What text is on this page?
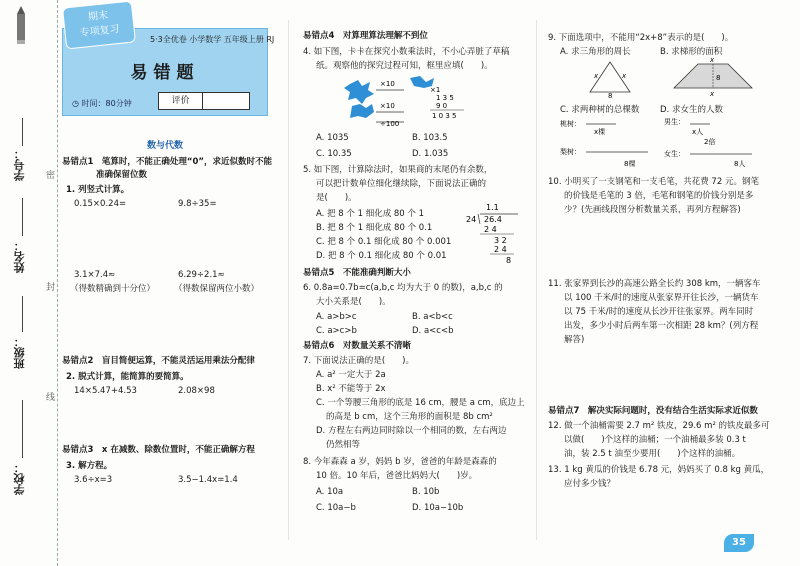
学号：
姓名：
班级：
学校：
密
封
线
期末
专项复习
5·3全优卷 小学数学 五年级上册 RJ
易错题
◷ 时间：80分钟	评价
数与代数
易错点1　笔算时，不能正确处理“0”，求近似数时不能
　　　　准确保留位数
1. 列竖式计算。
0.15×0.24=	9.8÷35=
3.1×7.4≈	6.29÷2.1≈
（得数精确到十分位） （得数保留两位小数）
易错点2　盲目简便运算，不能灵活运用乘法分配律
2. 脱式计算，能简算的要简算。
14×5.47+4.53	2.08×98
易错点3　x 在减数、除数位置时，不能正确解方程
3. 解方程。
3.6÷x=3	3.5−1.4x=1.4
易错点4　对算理算法理解不到位
4. 如下图，卡卡在探究小数乘法时，不小心弄脏了草稿
纸。观察他的探究过程可知，框里应填(　　)。
×10
×10
×1
1 3 5
9 0
1 0 3 5
÷100
A. 1035	B. 103.5
C. 10.35	D. 1.035
5. 如下图，计算除法时，如果商的末尾仍有余数，
可以把计数单位细化继续除，下面说法正确的
是(　　)。
A. 把 8 个 1 细化成 80 个 1
B. 把 8 个 1 细化成 80 个 0.1
C. 把 8 个 0.1 细化成 80 个 0.001
D. 把 8 个 0.1 细化成 80 个 0.01
1.1
24 26.4
2 4
3 2
2 4
8
易错点5　不能准确判断大小
6. 0.8a=0.7b=c(a,b,c 均为大于 0 的数)，a,b,c 的
大小关系是(　　)。
A. a>b>c	B. a<b<c
C. a>c>b	D. a<c<b
易错点6　对数量关系不清晰
7. 下面说法正确的是(　　)。
A. a² 一定大于 2a
B. x² 不能等于 2x
C. 一个等腰三角形的底是 16 cm，腰是 a cm，底边上
的高是 b cm，这个三角形的面积是 8b cm²
D. 方程左右两边同时除以一个相同的数，左右两边
仍然相等
8. 今年森森 a 岁，妈妈 b 岁，爸爸的年龄是森森的
10 倍。10 年后，爸爸比妈妈大(　　)岁。
A. 10a	B. 10b
C. 10a−b	D. 10a−10b
9. 下面选项中，不能用“2x+8”表示的是(　　)。
A. 求三角形的周长	B. 求梯形的面积
x	x
8
x
8
x
C. 求两种树的总棵数 D. 求女生的人数
桃树：
x棵
梨树：
8棵
男生：
x人
女生：
2倍
8人
10. 小明买了一支钢笔和一支毛笔，共花费 72 元。钢笔
的价钱是毛笔的 3 倍，毛笔和钢笔的价钱分别是多
少？(先画线段图分析数量关系，再列方程解答)
11. 张家界到长沙的高速公路全长约 308 km，一辆客车
以 100 千米/时的速度从张家界开往长沙，一辆货车
以 75 千米/时的速度从长沙开往张家界。两车同时
出发，多少小时后两车第一次相距 28 km？(列方程
解答)
易错点7　解决实际问题时，没有结合生活实际求近似数
12. 做一个油桶需要 2.7 m² 铁皮，29.6 m² 的铁皮最多可
以做(　　)个这样的油桶；一个油桶最多装 0.3 t
油，装 2.5 t 油至少要用(　　)个这样的油桶。
13. 1 kg 黄瓜的价钱是 6.78 元，妈妈买了 0.8 kg 黄瓜，
应付多少钱？
35
